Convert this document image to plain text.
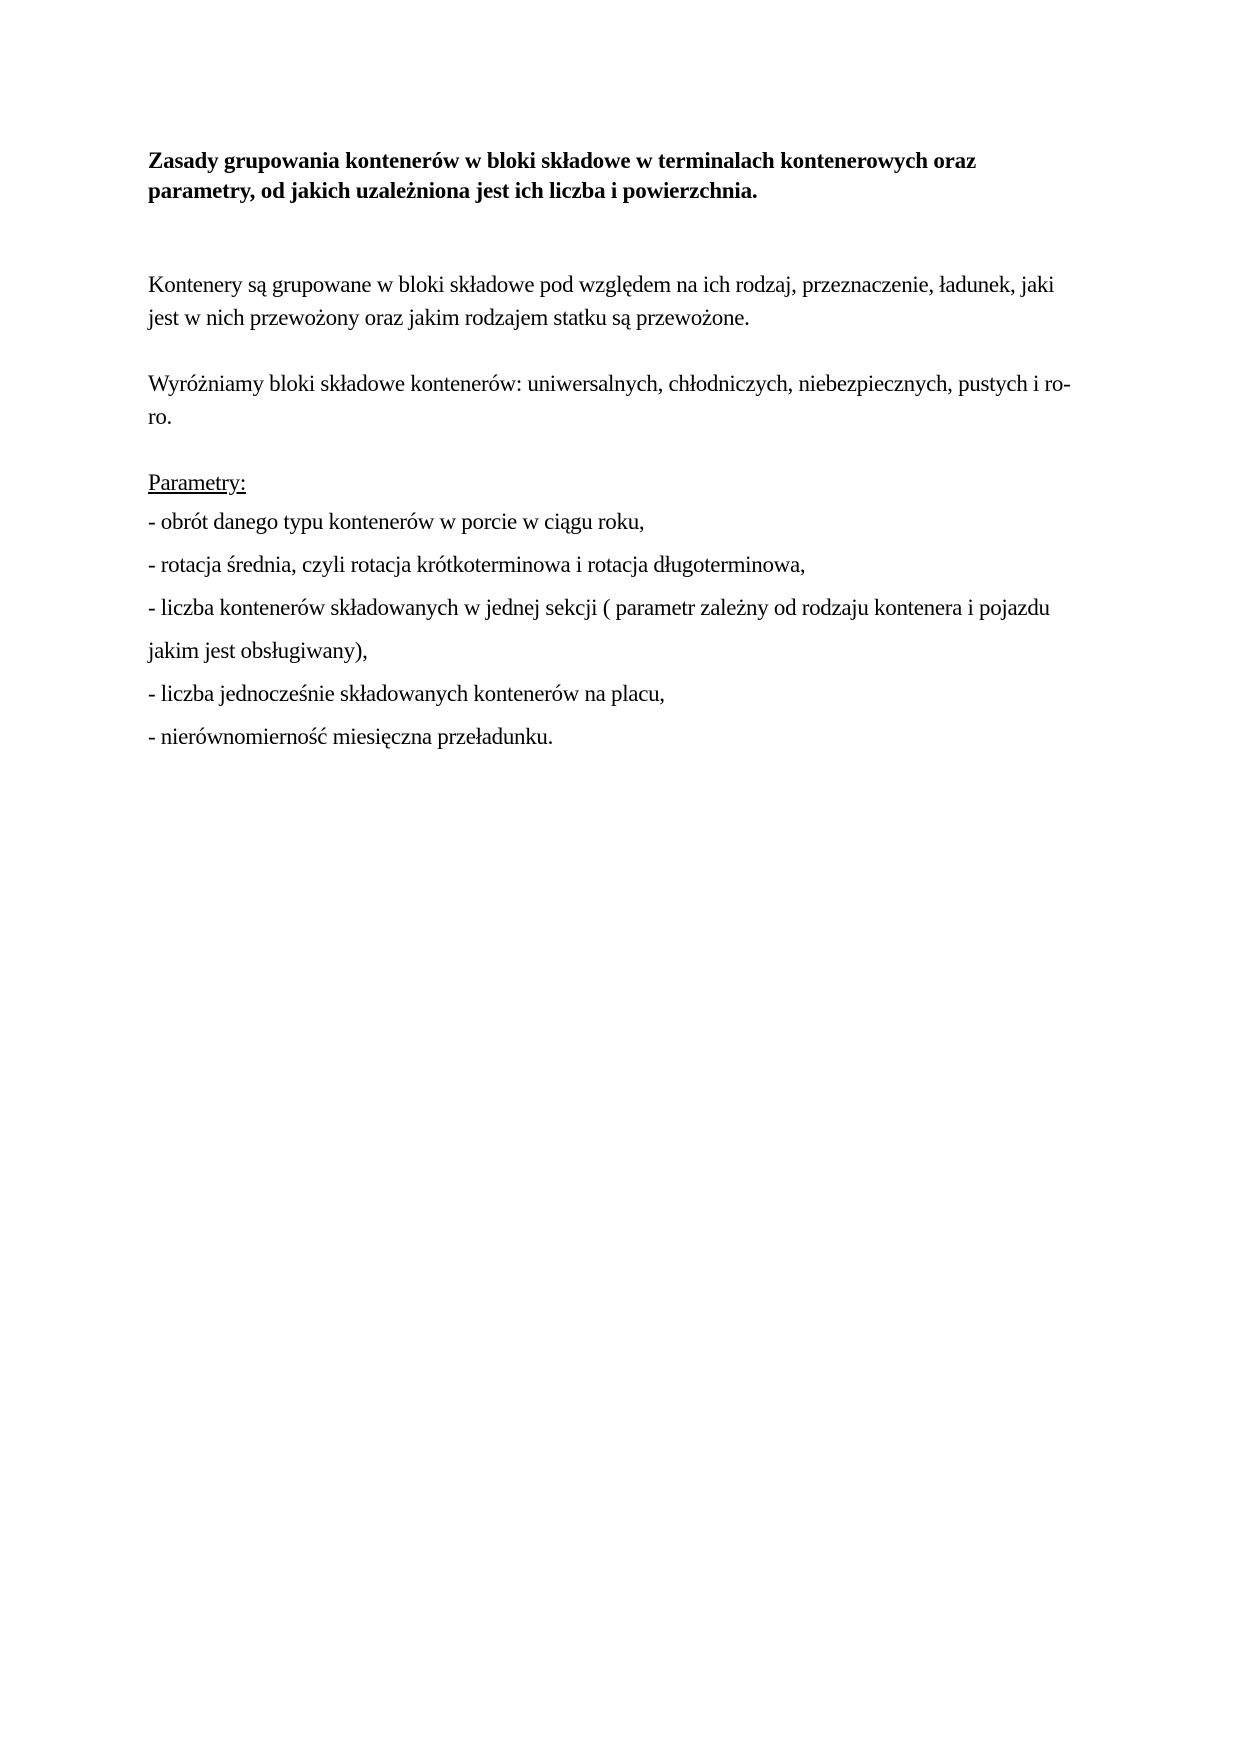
Zasady grupowania kontenerów w bloki składowe w terminalach kontenerowych oraz parametry, od jakich uzależniona jest ich liczba i powierzchnia.

Kontenery są grupowane w bloki składowe pod względem na ich rodzaj, przeznaczenie, ładunek, jaki jest w nich przewożony oraz jakim rodzajem statku są przewożone.

Wyróżniamy bloki składowe kontenerów: uniwersalnych, chłodniczych, niebezpiecznych, pustych i ro-ro.

Parametry:

- obrót danego typu kontenerów w porcie w ciągu roku,
- rotacja średnia, czyli rotacja krótkoterminowa i rotacja długoterminowa,
- liczba kontenerów składowanych w jednej sekcji ( parametr zależny od rodzaju kontenera i pojazdu jakim jest obsługiwany),
- liczba jednocześnie składowanych kontenerów na placu,
- nierównomierność miesięczna przeładunku.
